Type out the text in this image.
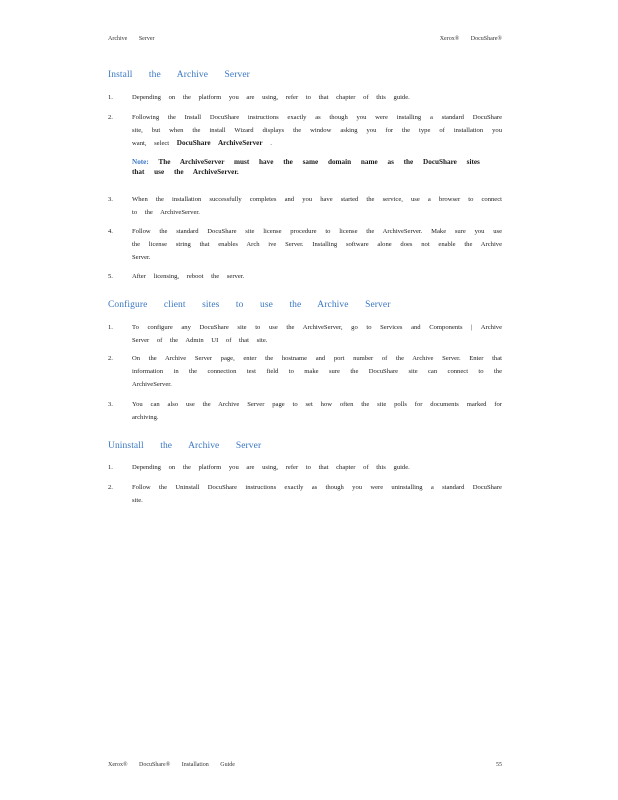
Archive Server	Xerox® DocuShare®
Install the Archive Server
1.	Depending on the platform you are using, refer to that chapter of this guide.
2.	Following the Install DocuShare instructions exactly as though you were installing a standard DocuShare site, but when the install Wizard displays the window asking you for the type of installation you want, select DocuShare ArchiveServer .
Note: The ArchiveServer must have the same domain name as the DocuShare sites that use the ArchiveServer.
3.	When the installation successfully completes and you have started the service, use a browser to connect to the ArchiveServer.
4.	Follow the standard DocuShare site license procedure to license the ArchiveServer. Make sure you use the license string that enables Arch ive Server. Installing software alone does not enable the Archive Server.
5.	After licensing, reboot the server.
Configure client sites to use the Archive Server
1.	To configure any DocuShare site to use the ArchiveServer, go to Services and Components | Archive Server of the Admin UI of that site.
2.	On the Archive Server page, enter the hostname and port number of the Archive Server. Enter that information in the connection test field to make sure the DocuShare site can connect to the ArchiveServer.
3.	You can also use the Archive Server page to set how often the site polls for documents marked for archiving.
Uninstall the Archive Server
1.	Depending on the platform you are using, refer to that chapter of this guide.
2.	Follow the Uninstall DocuShare instructions exactly as though you were uninstalling a standard DocuShare site.
Xerox® DocuShare® Installation Guide	55
